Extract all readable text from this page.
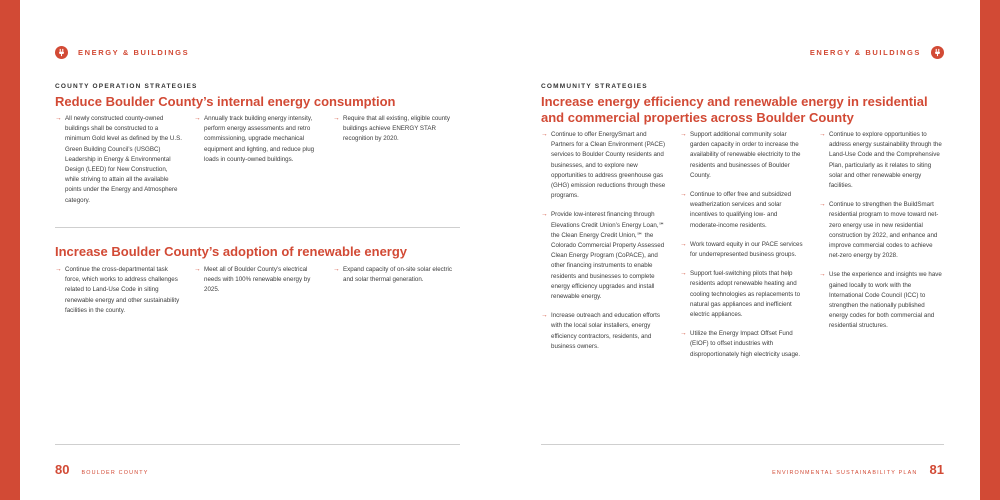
ENERGY & BUILDINGS
COUNTY OPERATION STRATEGIES
Reduce Boulder County’s internal energy consumption
→ All newly constructed county-owned buildings shall be constructed to a minimum Gold level as defined by the U.S. Green Building Council’s (USGBC) Leadership in Energy & Environmental Design (LEED) for New Construction, while striving to attain all the available points under the Energy and Atmosphere category.
→ Annually track building energy intensity, perform energy assessments and retro commissioning, upgrade mechanical equipment and lighting, and reduce plug loads in county-owned buildings.
→ Require that all existing, eligible county buildings achieve ENERGY STAR recognition by 2020.
Increase Boulder County’s adoption of renewable energy
→ Continue the cross-departmental task force, which works to address challenges related to Land-Use Code in siting renewable energy and other sustainability facilities in the county.
→ Meet all of Boulder County’s electrical needs with 100% renewable energy by 2025.
→ Expand capacity of on-site solar electric and solar thermal generation.
80 BOULDER COUNTY
ENERGY & BUILDINGS
COMMUNITY STRATEGIES
Increase energy efficiency and renewable energy in residential and commercial properties across Boulder County
→ Continue to offer EnergySmart and Partners for a Clean Environment (PACE) services to Boulder County residents and businesses, and to explore new opportunities to address greenhouse gas (GHG) emission reductions through these programs.
→ Provide low-interest financing through Elevations Credit Union’s Energy Loan,℠ the Clean Energy Credit Union,℠ the Colorado Commercial Property Assessed Clean Energy Program (CoPACE), and other financing instruments to enable residents and businesses to complete energy efficiency upgrades and install renewable energy.
→ Increase outreach and education efforts with the local solar installers, energy efficiency contractors, residents, and business owners.
→ Support additional community solar garden capacity in order to increase the availability of renewable electricity to the residents and businesses of Boulder County.
→ Continue to offer free and subsidized weatherization services and solar incentives to qualifying low- and moderate-income residents.
→ Work toward equity in our PACE services for underrepresented business groups.
→ Support fuel-switching pilots that help residents adopt renewable heating and cooling technologies as replacements to natural gas appliances and inefficient electric appliances.
→ Utilize the Energy Impact Offset Fund (EIOF) to offset industries with disproportionately high electricity usage.
→ Continue to explore opportunities to address energy sustainability through the Land-Use Code and the Comprehensive Plan, particularly as it relates to siting solar and other renewable energy facilities.
→ Continue to strengthen the BuildSmart residential program to move toward net-zero energy use in new residential construction by 2022, and enhance and improve commercial codes to achieve net-zero energy by 2028.
→ Use the experience and insights we have gained locally to work with the International Code Council (ICC) to strengthen the nationally published energy codes for both commercial and residential structures.
ENVIRONMENTAL SUSTAINABILITY PLAN 81
